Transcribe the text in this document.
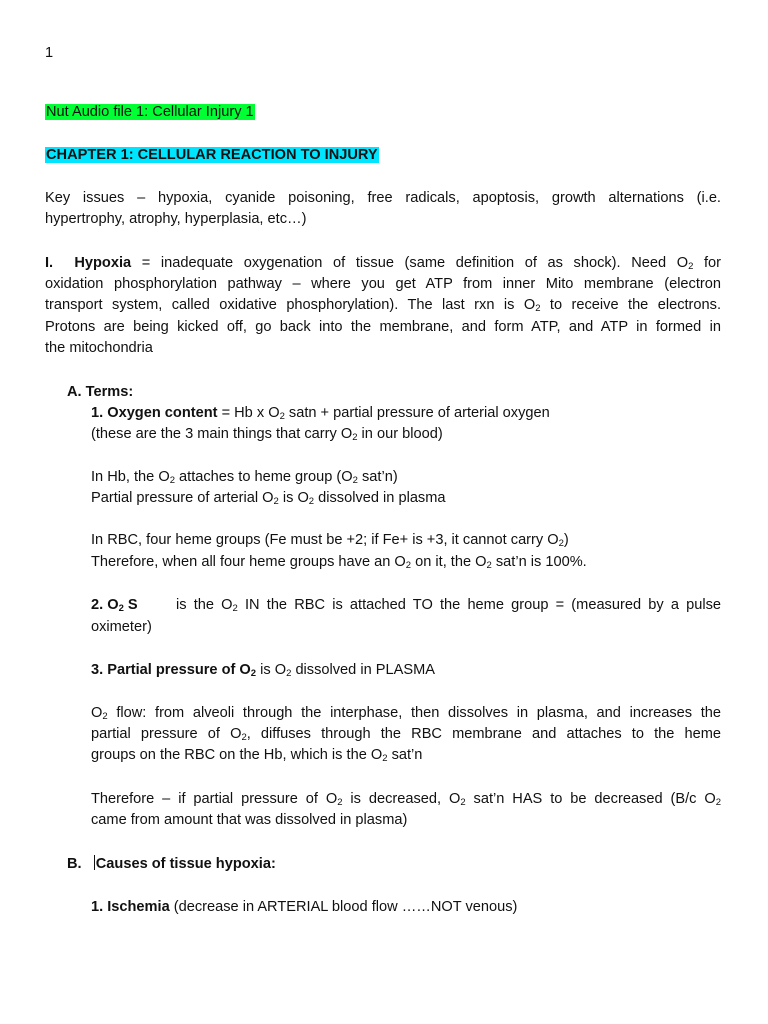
1
Nut Audio file 1: Cellular Injury 1
CHAPTER 1: CELLULAR REACTION TO INJURY
Key issues – hypoxia, cyanide poisoning, free radicals, apoptosis, growth alternations (i.e.
hypertrophy, atrophy, hyperplasia, etc…)
I. Hypoxia = inadequate oxygenation of tissue (same definition of as shock). Need $O_2$ for
oxidation phosphorylation pathway – where you get ATP from inner Mito membrane (electron
transport system, called oxidative phosphorylation). The last rxn is $O_2$ to receive the electrons.
Protons are being kicked off, go back into the membrane, and form ATP, and ATP in formed in
the mitochondria
A. Terms:
1. Oxygen content = Hb x $O_2$ satn + partial pressure of arterial oxygen
(these are the 3 main things that carry $O_2$ in our blood)
In Hb, the $O_2$ attaches to heme group ($O_2$ sat’n)
Partial pressure of arterial $O_2$ is $O_2$ dissolved in plasma
In RBC, four heme groups (Fe must be +2; if Fe+ is +3, it cannot carry $O_2$)
Therefore, when all four heme groups have an $O_2$ on it, the $O_2$ sat’n is 100%.
2. $O_2$ S	is the $O_2$ IN the RBC is attached TO the heme group = (measured by a pulse
oximeter)
3. Partial pressure of $O_2$ is $O_2$ dissolved in PLASMA
$O_2$ flow: from alveoli through the interphase, then dissolves in plasma, and increases the
partial pressure of $O_2$, diffuses through the RBC membrane and attaches to the heme
groups on the RBC on the Hb, which is the $O_2$ sat’n
Therefore – if partial pressure of $O_2$ is decreased, $O_2$ sat’n HAS to be decreased (B/c $O_2$
came from amount that was dissolved in plasma)
B. Causes of tissue hypoxia:
1. Ischemia (decrease in ARTERIAL blood flow ……NOT venous)
